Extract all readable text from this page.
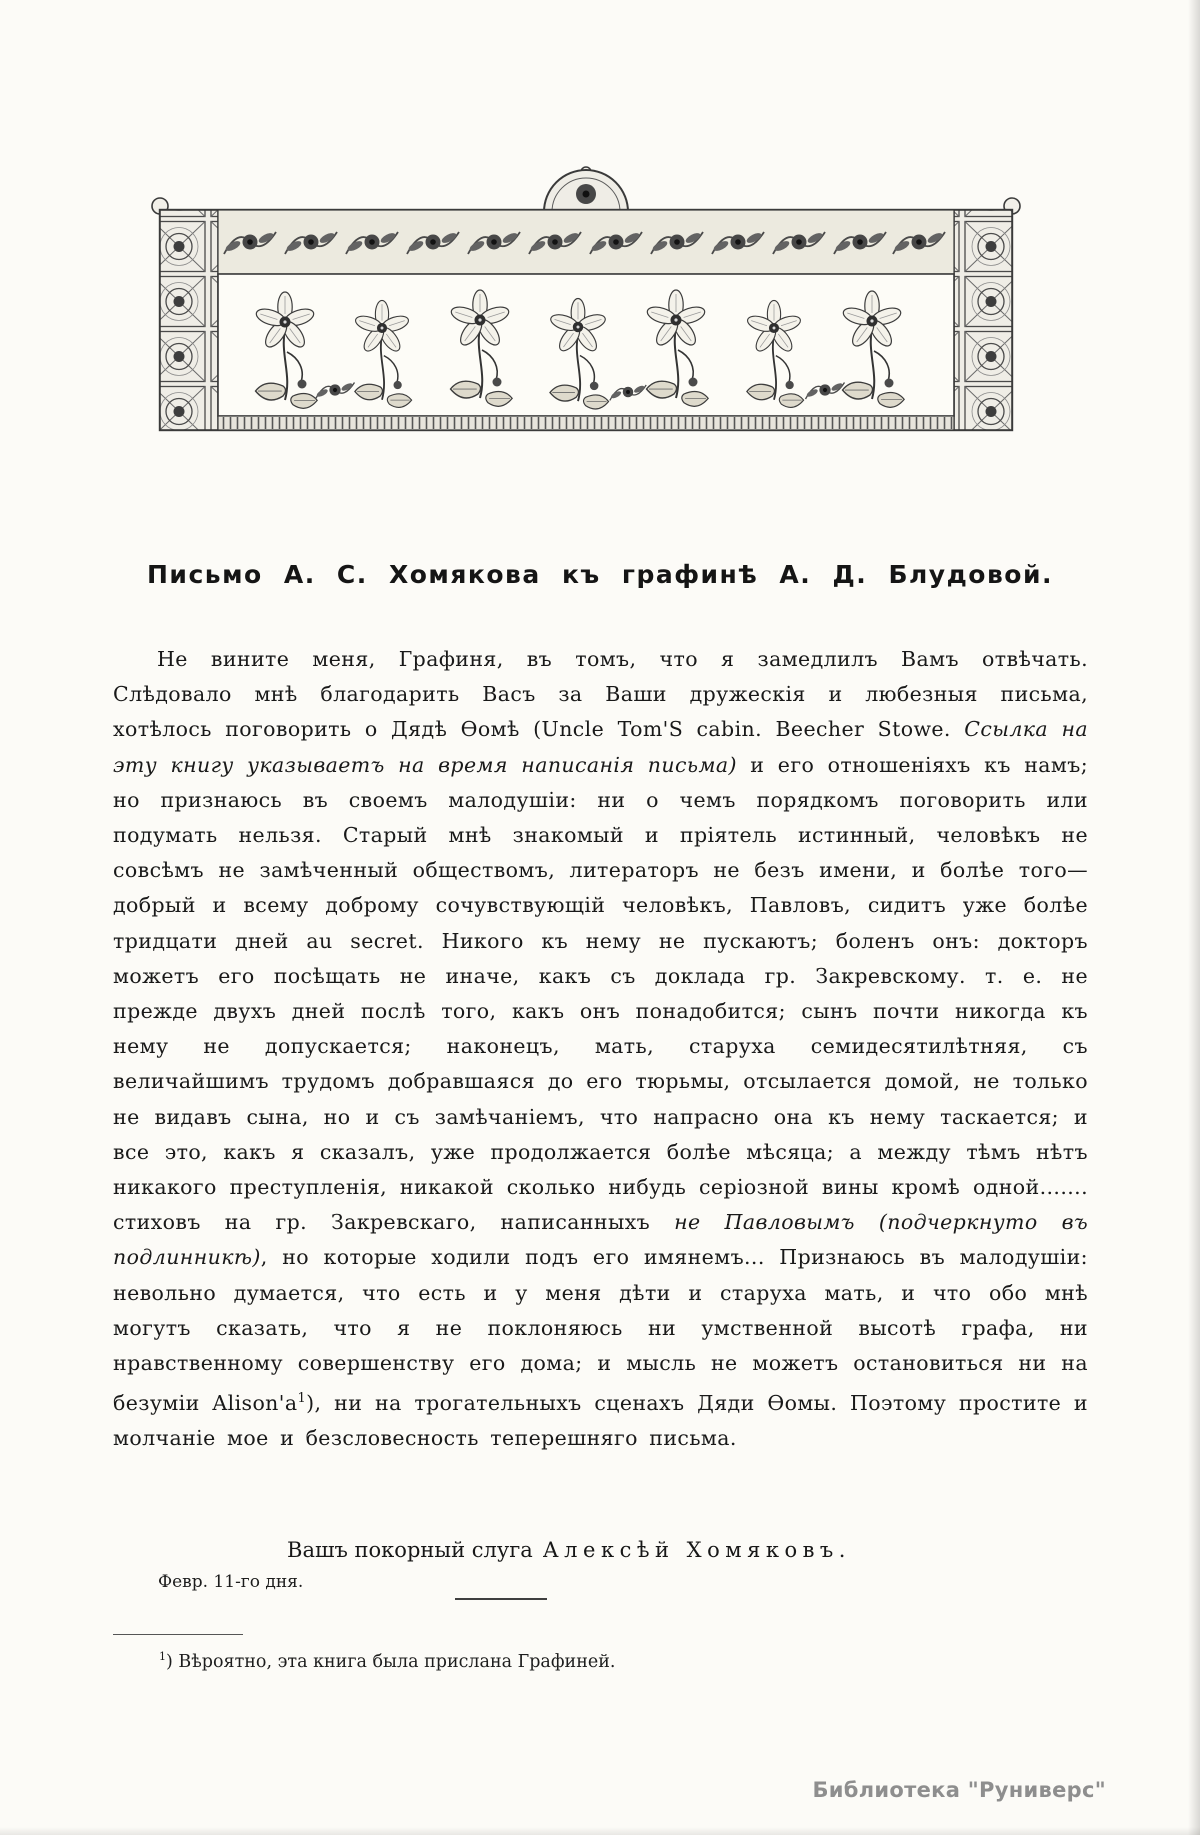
Письмо А. С. Хомякова къ графинѣ А. Д. Блудовой.

Не вините меня, Графиня, въ томъ, что я замедлилъ Вамъ отвѣчать. Слѣдовало мнѣ благодарить Васъ за Ваши дружескія и любезныя письма, хотѣлось поговорить о Дядѣ Ѳомѣ (Uncle Tom'S cabin. Beecher Stowe. Ссылка на эту книгу указываетъ на время написанія письма) и его отношеніяхъ къ намъ; но признаюсь въ своемъ малодушіи: ни о чемъ порядкомъ поговорить или подумать нельзя. Старый мнѣ знакомый и пріятель истинный, человѣкъ не совсѣмъ не замѣченный обществомъ, литераторъ не безъ имени, и болѣе того—добрый и всему доброму сочувствующій человѣкъ, Павловъ, сидитъ уже болѣе тридцати дней au secret. Никого къ нему не пускаютъ; боленъ онъ: докторъ можетъ его посѣщать не иначе, какъ съ доклада гр. Закревскому. т. е. не прежде двухъ дней послѣ того, какъ онъ понадобится; сынъ почти никогда къ нему не допускается; наконецъ, мать, старуха семидесятилѣтняя, съ величайшимъ трудомъ добравшаяся до его тюрьмы, отсылается домой, не только не видавъ сына, но и съ замѣчаніемъ, что напрасно она къ нему таскается; и все это, какъ я сказалъ, уже продолжается болѣе мѣсяца; а между тѣмъ нѣтъ никакого преступленія, никакой сколько нибудь серіозной вины кромѣ одной....... стиховъ на гр. Закревскаго, написанныхъ не Павловымъ (подчеркнуто въ подлинникѣ), но которые ходили подъ его имянемъ... Признаюсь въ малодушіи: невольно думается, что есть и у меня дѣти и старуха мать, и что обо мнѣ могутъ сказать, что я не поклоняюсь ни умственной высотѣ графа, ни нравственному совершенству его дома; и мысль не можетъ остановиться ни на безуміи Alison'а$^1$), ни на трогательныхъ сценахъ Дяди Ѳомы. Поэтому простите и молчаніе мое и безсловесность теперешняго письма.

Вашъ покорный слуга Алексѣй Хомяковъ.

Февр. 11-го дня.

$^1$) Вѣроятно, эта книга была прислана Графиней.

Библиотека "Руниверс"
